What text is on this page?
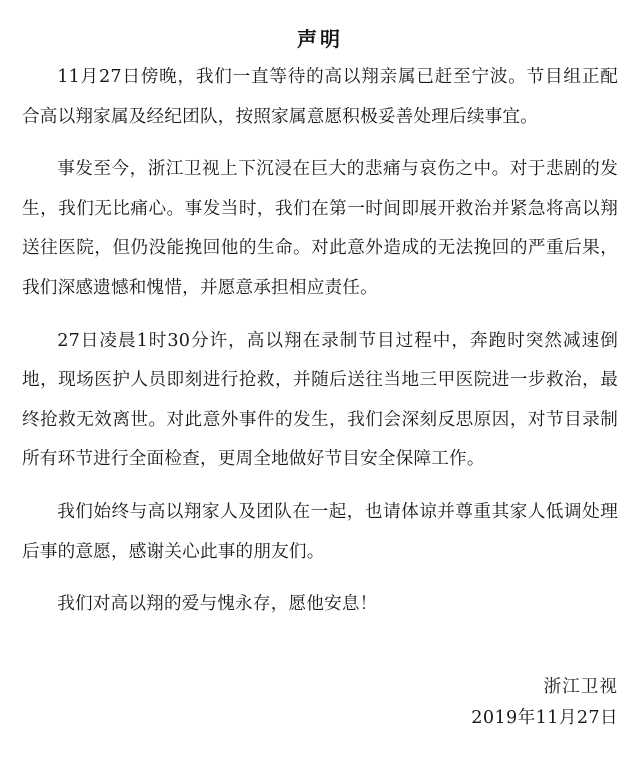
声明

11月27日傍晚，我们一直等待的高以翔亲属已赶至宁波。节目组正配合高以翔家属及经纪团队，按照家属意愿积极妥善处理后续事宜。

事发至今，浙江卫视上下沉浸在巨大的悲痛与哀伤之中。对于悲剧的发生，我们无比痛心。事发当时，我们在第一时间即展开救治并紧急将高以翔送往医院，但仍没能挽回他的生命。对此意外造成的无法挽回的严重后果，我们深感遗憾和愧惜，并愿意承担相应责任。

27日凌晨1时30分许，高以翔在录制节目过程中，奔跑时突然减速倒地，现场医护人员即刻进行抢救，并随后送往当地三甲医院进一步救治，最终抢救无效离世。对此意外事件的发生，我们会深刻反思原因，对节目录制所有环节进行全面检查，更周全地做好节目安全保障工作。

我们始终与高以翔家人及团队在一起，也请体谅并尊重其家人低调处理后事的意愿，感谢关心此事的朋友们。

我们对高以翔的爱与愧永存，愿他安息！

浙江卫视
2019年11月27日
